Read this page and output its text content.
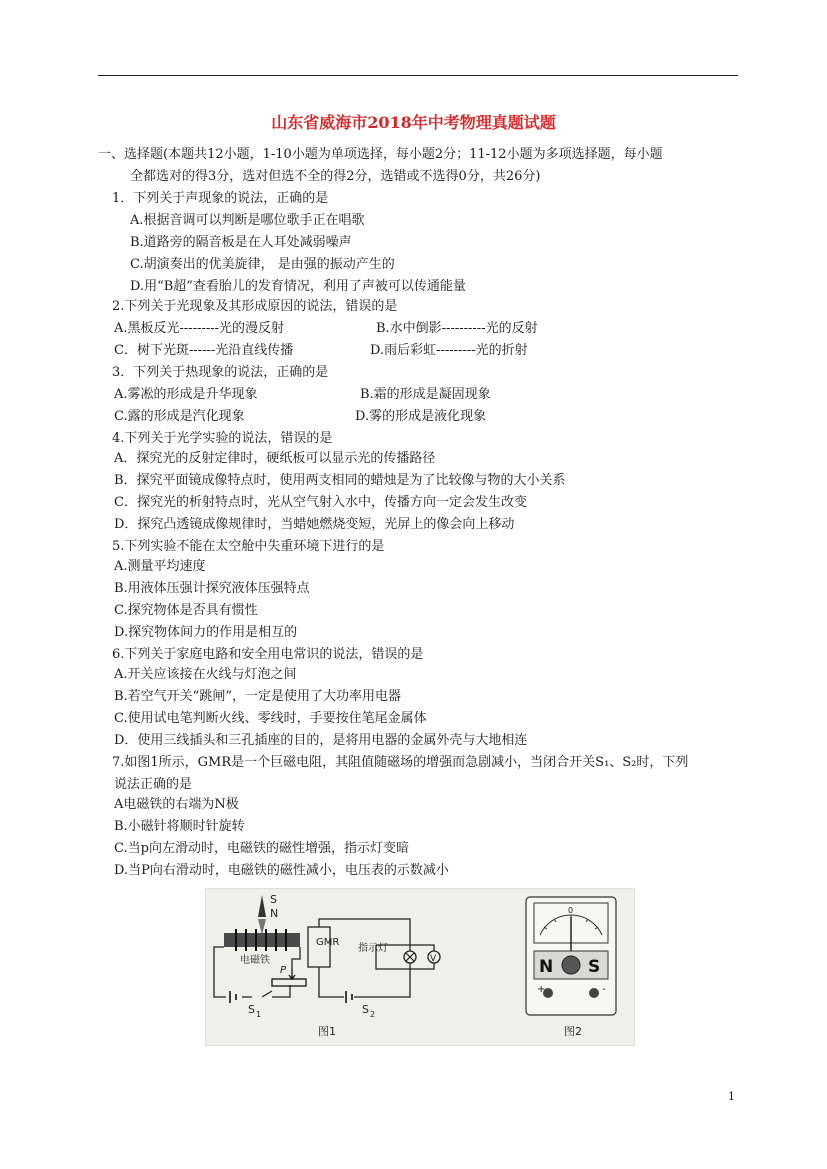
山东省威海市2018年中考物理真题试题
一、选择题(本题共12小题，1-10小题为单项选择，每小题2分；11-12小题为多项选择题，每小题
全都选对的得3分，选对但选不全的得2分，选错或不选得0分，共26分)
1．下列关于声现象的说法，正确的是
A.根据音调可以判断是哪位歌手正在唱歌
B.道路旁的隔音板是在人耳处减弱噪声
C.胡演奏出的优美旋律， 是由强的振动产生的
D.用“B超”查看胎儿的发育情况，利用了声被可以传通能量
2.下列关于光现象及其形成原因的说法，错误的是
A.黑板反光---------光的漫反射	B.水中倒影----------光的反射
C．树下光斑------光沿直线传播	D.雨后彩虹---------光的折射
3．下列关于热现象的说法，正确的是
A.雾凇的形成是升华现象	B.霜的形成是凝固现象
C.露的形成是汽化现象	D.雾的形成是液化现象
4.下列关于光学实验的说法，错误的是
A．探究光的反射定律时，硬纸板可以显示光的传播路径
B．探究平面镜成像特点时，使用两支相同的蜡烛是为了比较像与物的大小关系
C．探究光的析射特点时，光从空气射入水中，传播方向一定会发生改变
D．探究凸透镜成像规律时，当蜡她燃烧变短，光屏上的像会向上移动
5.下列实验不能在太空舱中失重环境下进行的是
A.测量平均速度
B.用液体压强计探究液体压强特点
C.探究物体是否具有惯性
D.探究物体间力的作用是相互的
6.下列关于家庭电路和安全用电常识的说法，错误的是
A.开关应该接在火线与灯泡之间
B.若空气开关“跳闸”，一定是使用了大功率用电器
C.使用试电笔判断火线、零线时，手要按住笔尾金属体
D．使用三线插头和三孔插座的目的，是将用电器的金属外壳与大地相连
7.如图1所示，GMR是一个巨磁电阻，其阻值随磁场的增强而急剧减小，当闭合开关S₁、S₂时，下列
说法正确的是
A电磁铁的右端为N极
B.小磁针将顺时针旋转
C.当p向左滑动时，电磁铁的磁性增强，指示灯变暗
D.当P向右滑动时，电磁铁的磁性减小，电压表的示数减小
S
N
电磁铁
S 1
P
GMR
指示灯
V
S 2
图1
0
N S
+	-
图2
1
